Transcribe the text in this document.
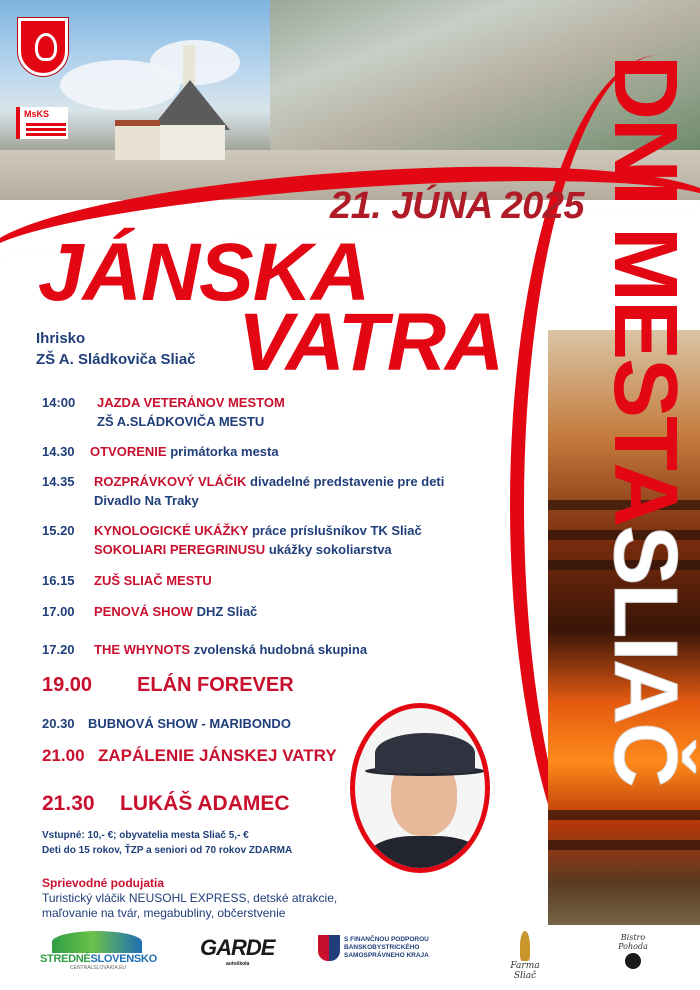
MsKS	DNI MESTASLIAČ
21. JÚNA 2025
JÁNSKA
VATRA
Ihrisko
ZŠ A. Sládkoviča Sliač
14:00 JAZDA VETERÁNOV MESTOM
ZŠ A.SLÁDKOVIČA MESTU
14.30 OTVORENIE primátorka mesta
14.35 ROZPRÁVKOVÝ VLÁČIK divadelné predstavenie pre deti
Divadlo Na Traky
15.20 KYNOLOGICKÉ UKÁŽKY práce príslušníkov TK Sliač
SOKOLIARI PEREGRINUSU ukážky sokoliarstva
16.15 ZUŠ SLIAČ MESTU
17.00 PENOVÁ SHOW DHZ Sliač
17.20 THE WHYNOTS zvolenská hudobná skupina
19.00 ELÁN FOREVER
20.30 BUBNOVÁ SHOW - MARIBONDO
21.00 ZAPÁLENIE JÁNSKEJ VATRY
21.30 LUKÁŠ ADAMEC
Vstupné: 10,- €; obyvatelia mesta Sliač 5,- €
Deti do 15 rokov, ŤZP a seniori od 70 rokov ZDARMA
Sprievodné podujatia
Turistický vláčik NEUSOHL EXPRESS, detské atrakcie,
maľovanie na tvár, megabubliny, občerstvenie
STREDNÉSLOVENSKO
CENTRALSLOVAKIA.EU
GARDE
autoškola
S FINANČNOU PODPOROU BANSKOBYSTRICKÉHO SAMOSPRÁVNEHO KRAJA
Farma Sliač
Bistro Pohoda
